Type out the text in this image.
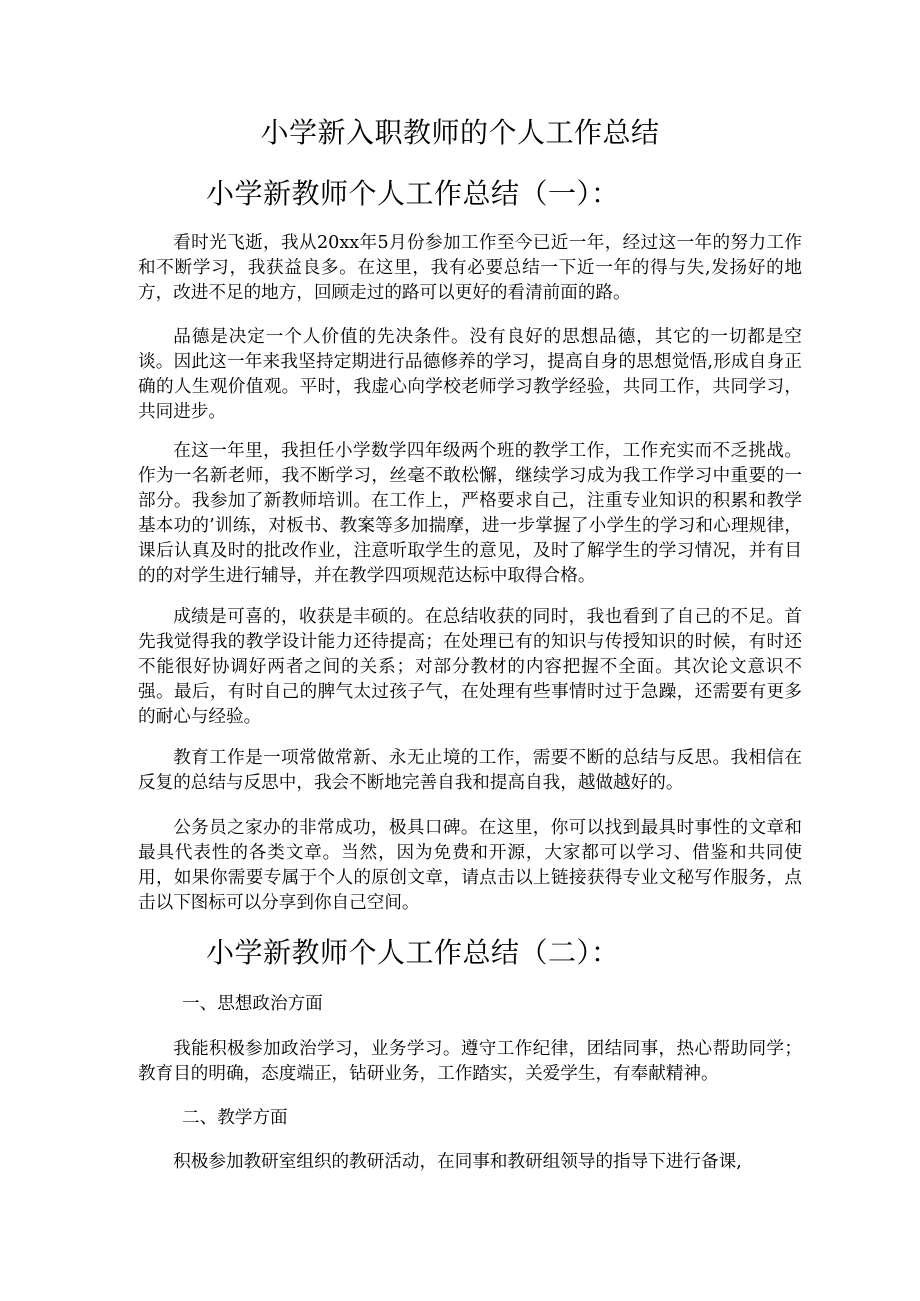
小学新入职教师的个人工作总结
小学新教师个人工作总结（一）：

看时光飞逝，我从20xx年5月份参加工作至今已近一年，经过这一年的努力工作和不断学习，我获益良多。在这里，我有必要总结一下近一年的得与失,发扬好的地方，改进不足的地方，回顾走过的路可以更好的看清前面的路。

品德是决定一个人价值的先决条件。没有良好的思想品德，其它的一切都是空谈。因此这一年来我坚持定期进行品德修养的学习，提高自身的思想觉悟,形成自身正确的人生观价值观。平时，我虚心向学校老师学习教学经验，共同工作，共同学习，共同进步。

在这一年里，我担任小学数学四年级两个班的教学工作，工作充实而不乏挑战。作为一名新老师，我不断学习，丝毫不敢松懈，继续学习成为我工作学习中重要的一部分。我参加了新教师培训。在工作上，严格要求自己，注重专业知识的积累和教学基本功的’训练，对板书、教案等多加揣摩，进一步掌握了小学生的学习和心理规律，课后认真及时的批改作业，注意听取学生的意见，及时了解学生的学习情况，并有目的的对学生进行辅导，并在教学四项规范达标中取得合格。

成绩是可喜的，收获是丰硕的。在总结收获的同时，我也看到了自己的不足。首先我觉得我的教学设计能力还待提高；在处理已有的知识与传授知识的时候，有时还不能很好协调好两者之间的关系；对部分教材的内容把握不全面。其次论文意识不强。最后，有时自己的脾气太过孩子气，在处理有些事情时过于急躁，还需要有更多的耐心与经验。

教育工作是一项常做常新、永无止境的工作，需要不断的总结与反思。我相信在反复的总结与反思中，我会不断地完善自我和提高自我，越做越好的。

公务员之家办的非常成功，极具口碑。在这里，你可以找到最具时事性的文章和最具代表性的各类文章。当然，因为免费和开源，大家都可以学习、借鉴和共同使用，如果你需要专属于个人的原创文章，请点击以上链接获得专业文秘写作服务，点击以下图标可以分享到你自己空间。

小学新教师个人工作总结（二）：

一、思想政治方面

我能积极参加政治学习，业务学习。遵守工作纪律，团结同事，热心帮助同学；教育目的明确，态度端正，钻研业务，工作踏实，关爱学生，有奉献精神。

二、教学方面

积极参加教研室组织的教研活动，在同事和教研组领导的指导下进行备课,
